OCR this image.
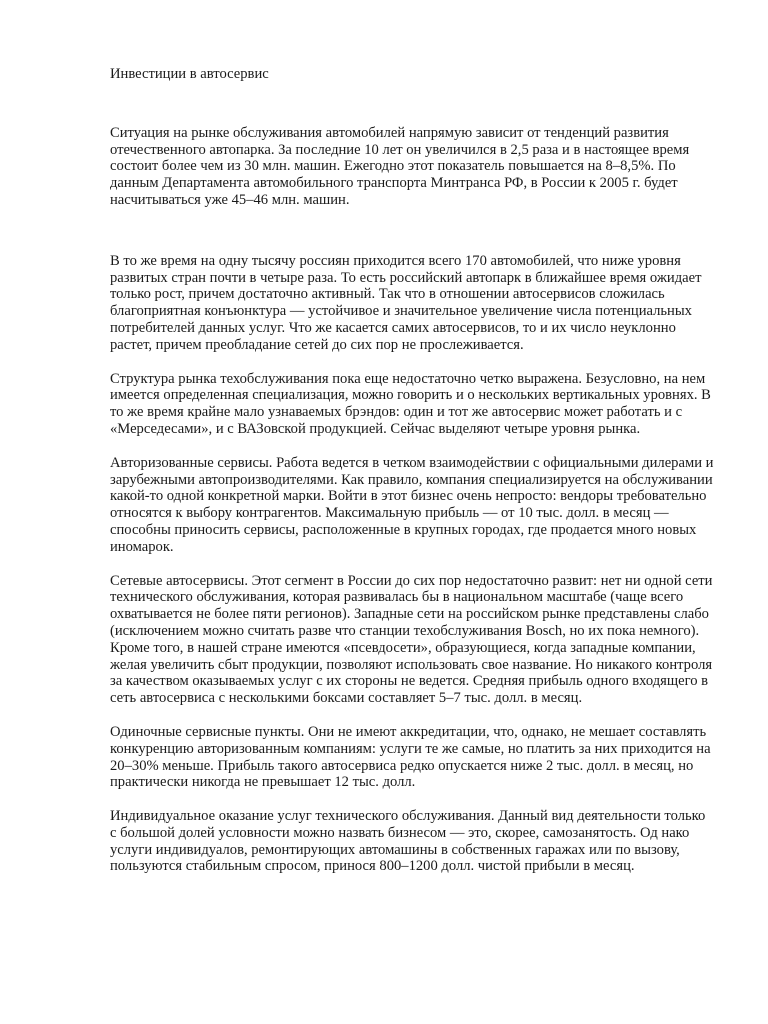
Инвестиции в автосервис

Ситуация на рынке обслуживания автомобилей напрямую зависит от тенденций развития отечественного автопарка. За последние 10 лет он увеличился в 2,5 раза и в настоящее время состоит более чем из 30 млн. машин. Ежегодно этот показатель повышается на 8–8,5%. По данным Департамента автомобильного транспорта Минтранса РФ, в России к 2005 г. будет насчитываться уже 45–46 млн. машин.

В то же время на одну тысячу россиян приходится всего 170 автомобилей, что ниже уровня развитых стран почти в четыре раза. То есть российский автопарк в ближайшее время ожидает только рост, причем достаточно активный. Так что в отношении автосервисов сложилась благоприятная конъюнктура — устойчивое и значительное увеличение числа потенциальных потребителей данных услуг. Что же касается самих автосервисов, то и их число неуклонно растет, причем преобладание сетей до сих пор не прослеживается.

Структура рынка техобслуживания пока еще недостаточно четко выражена. Безусловно, на нем имеется определенная специализация, можно говорить и о нескольких вертикальных уровнях. В то же время крайне мало узнаваемых брэндов: один и тот же автосервис может работать и с «Мерседесами», и с ВАЗовской продукцией. Сейчас выделяют четыре уровня рынка.

Авторизованные сервисы. Работа ведется в четком взаимодействии с официальными дилерами и зарубежными автопроизводителями. Как правило, компания специализируется на обслуживании какой-то одной конкретной марки. Войти в этот бизнес очень непросто: вендоры требовательно относятся к выбору контрагентов. Максимальную прибыль — от 10 тыс. долл. в месяц — способны приносить сервисы, расположенные в крупных городах, где продается много новых иномарок.

Сетевые автосервисы. Этот сегмент в России до сих пор недостаточно развит: нет ни одной сети технического обслуживания, которая развивалась бы в национальном масштабе (чаще всего охватывается не более пяти регионов). Западные сети на российском рынке представлены слабо (исключением можно считать разве что станции техобслуживания Bosch, но их пока немного). Кроме того, в нашей стране имеются «псевдосети», образующиеся, когда западные компании, желая увеличить сбыт продукции, позволяют использовать свое название. Но никакого контроля за качеством оказываемых услуг с их стороны не ведется. Средняя прибыль одного входящего в сеть автосервиса с несколькими боксами составляет 5–7 тыс. долл. в месяц.

Одиночные сервисные пункты. Они не имеют аккредитации, что, однако, не мешает составлять конкуренцию авторизованным компаниям: услуги те же самые, но платить за них приходится на 20–30% меньше. Прибыль такого автосервиса редко опускается ниже 2 тыс. долл. в месяц, но практически никогда не превышает 12 тыс. долл.

Индивидуальное оказание услуг технического обслуживания. Данный вид деятельности только с большой долей условности можно назвать бизнесом — это, скорее, самозанятость. Од нако услуги индивидуалов, ремонтирующих автомашины в собственных гаражах или по вызову, пользуются стабильным спросом, принося 800–1200 долл. чистой прибыли в месяц.
